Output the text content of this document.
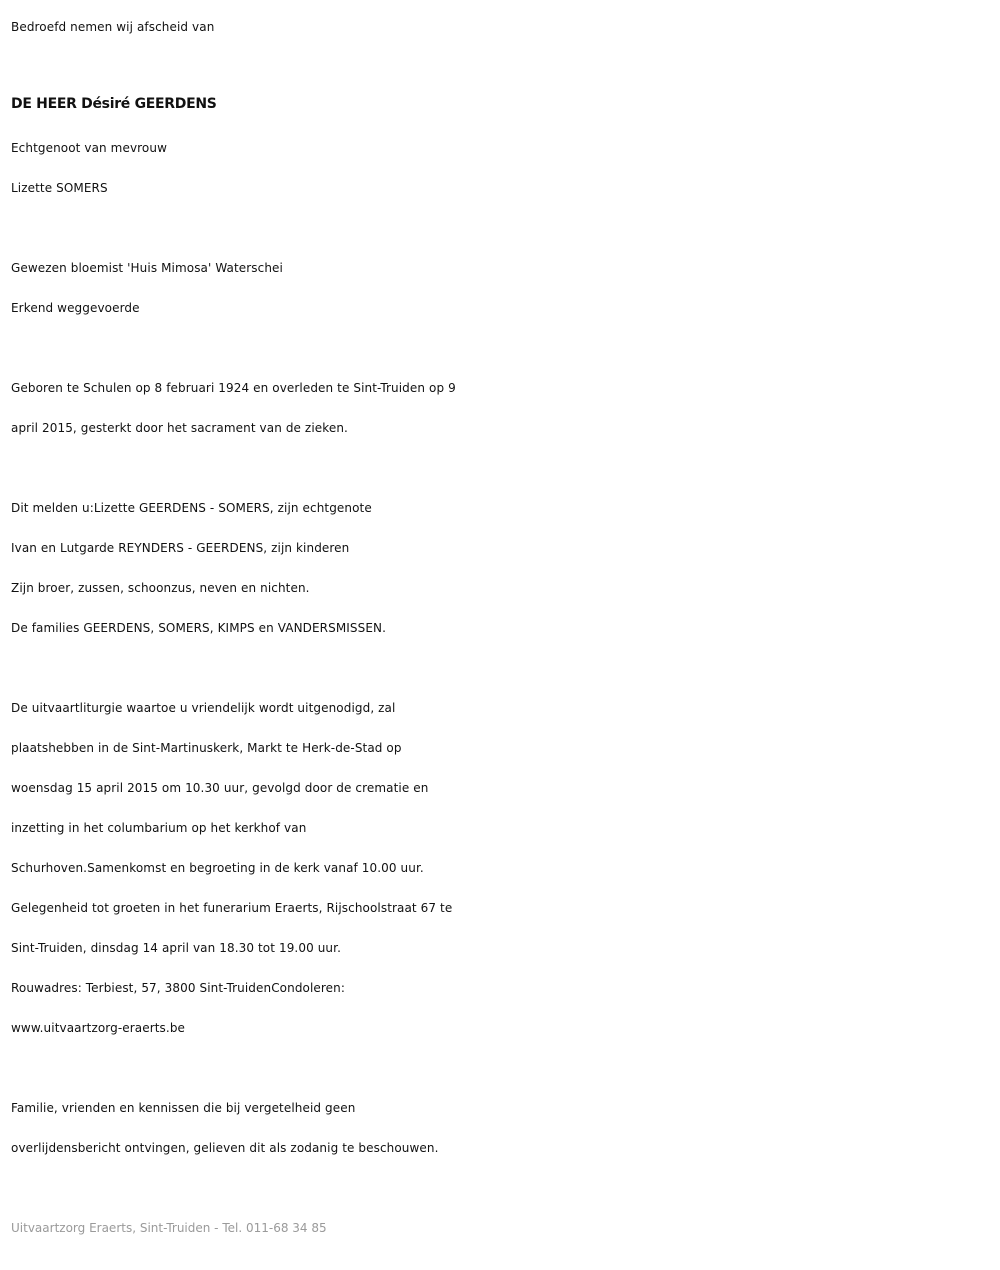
Bedroefd nemen wij afscheid van
DE HEER Désiré GEERDENS
Echtgenoot van mevrouw
Lizette SOMERS
Gewezen bloemist 'Huis Mimosa' Waterschei
Erkend weggevoerde
Geboren te Schulen op 8 februari 1924 en overleden te Sint-Truiden op 9
april 2015, gesterkt door het sacrament van de zieken.
Dit melden u:Lizette GEERDENS - SOMERS, zijn echtgenote
Ivan en Lutgarde REYNDERS - GEERDENS, zijn kinderen
Zijn broer, zussen, schoonzus, neven en nichten.
De families GEERDENS, SOMERS, KIMPS en VANDERSMISSEN.
De uitvaartliturgie waartoe u vriendelijk wordt uitgenodigd, zal
plaatshebben in de Sint-Martinuskerk, Markt te Herk-de-Stad op
woensdag 15 april 2015 om 10.30 uur, gevolgd door de crematie en
inzetting in het columbarium op het kerkhof van
Schurhoven.Samenkomst en begroeting in de kerk vanaf 10.00 uur.
Gelegenheid tot groeten in het funerarium Eraerts, Rijschoolstraat 67 te
Sint-Truiden, dinsdag 14 april van 18.30 tot 19.00 uur.
Rouwadres: Terbiest, 57, 3800 Sint-TruidenCondoleren:
www.uitvaartzorg-eraerts.be
Familie, vrienden en kennissen die bij vergetelheid geen
overlijdensbericht ontvingen, gelieven dit als zodanig te beschouwen.
Uitvaartzorg Eraerts, Sint-Truiden - Tel. 011-68 34 85
